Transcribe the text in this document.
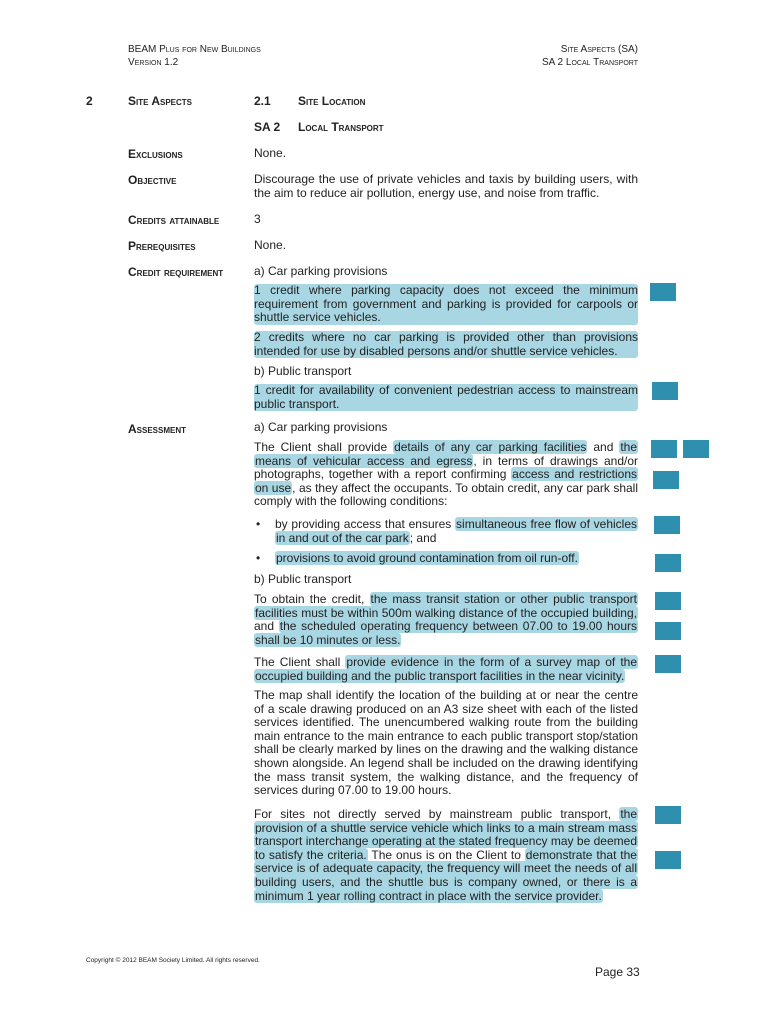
BEAM Plus for New Buildings
Version 1.2
Site Aspects (SA)
SA 2 Local Transport
2	Site Aspects	2.1 Site Location
SA 2 Local Transport
Exclusions	None.
Objective	Discourage the use of private vehicles and taxis by building users, with the aim to reduce air pollution, energy use, and noise from traffic.
Credits attainable	3
Prerequisites	None.
Credit requirement	a) Car parking provisions
1 credit where parking capacity does not exceed the minimum requirement from government and parking is provided for carpools or shuttle service vehicles.
2 credits where no car parking is provided other than provisions intended for use by disabled persons and/or shuttle service vehicles.
b) Public transport
1 credit for availability of convenient pedestrian access to mainstream public transport.
Assessment	a) Car parking provisions
The Client shall provide details of any car parking facilities and the means of vehicular access and egress, in terms of drawings and/or photographs, together with a report confirming access and restrictions on use, as they affect the occupants. To obtain credit, any car park shall comply with the following conditions:
•	by providing access that ensures simultaneous free flow of vehicles in and out of the car park; and
•	provisions to avoid ground contamination from oil run-off.
b) Public transport
To obtain the credit, the mass transit station or other public transport facilities must be within 500m walking distance of the occupied building, and the scheduled operating frequency between 07.00 to 19.00 hours shall be 10 minutes or less.
The Client shall provide evidence in the form of a survey map of the occupied building and the public transport facilities in the near vicinity.
The map shall identify the location of the building at or near the centre of a scale drawing produced on an A3 size sheet with each of the listed services identified. The unencumbered walking route from the building main entrance to the main entrance to each public transport stop/station shall be clearly marked by lines on the drawing and the walking distance shown alongside. An legend shall be included on the drawing identifying the mass transit system, the walking distance, and the frequency of services during 07.00 to 19.00 hours.
For sites not directly served by mainstream public transport, the provision of a shuttle service vehicle which links to a main stream mass transport interchange operating at the stated frequency may be deemed to satisfy the criteria. The onus is on the Client to demonstrate that the service is of adequate capacity, the frequency will meet the needs of all building users, and the shuttle bus is company owned, or there is a minimum 1 year rolling contract in place with the service provider.
Copyright © 2012 BEAM Society Limited. All rights reserved.
Page 33
